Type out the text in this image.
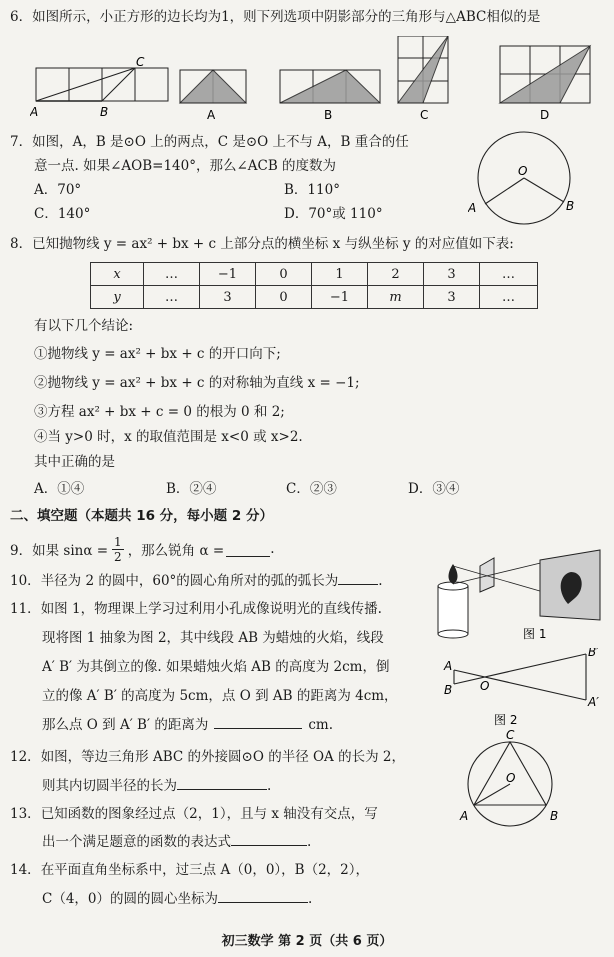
6．如图所示，小正方形的边长均为1，则下列选项中阴影部分的三角形与△ABC相似的是
A	B
C
A	B	C	D
7．如图，A，B 是⊙O 上的两点，C 是⊙O 上不与 A，B 重合的任
意一点. 如果∠AOB=140°，那么∠ACB 的度数为
A．70°	B．110°
C．140°	D．70°或 110°
O
A	B
8．已知抛物线 y = ax² + bx + c 上部分点的横坐标 x 与纵坐标 y 的对应值如下表:
x	…	−1	0	1	2	3	…
y	…	3	0	−1	m	3	…
有以下几个结论:
①抛物线 y = ax² + bx + c 的开口向下;
②抛物线 y = ax² + bx + c 的对称轴为直线 x = −1;
③方程 ax² + bx + c = 0 的根为 0 和 2;
④当 y>0 时，x 的取值范围是 x<0 或 x>2.
其中正确的是
A．①④	B．②④	C．②③	D．③④
二、填空题（本题共 16 分，每小题 2 分）
9． 如果 $\sin\alpha = \frac{1}{2}$ ，那么锐角 α =	.
10．半径为 2 的圆中，60°的圆心角所对的弧的弧长为	.
11．如图 1，物理课上学习过利用小孔成像说明光的直线传播.
现将图 1 抽象为图 2，其中线段 AB 为蜡烛的火焰，线段
A′ B′ 为其倒立的像. 如果蜡烛火焰 AB 的高度为 2cm，倒
立的像 A′ B′ 的高度为 5cm，点 O 到 AB 的距离为 4cm，
那么点 O 到 A′ B′ 的距离为	cm.
图 1
A
B O
B′
A′
图 2
12．如图，等边三角形 ABC 的外接圆⊙O 的半径 OA 的长为 2，
则其内切圆半径的长为	.
C
O
A	B
13．已知函数的图象经过点（2，1），且与 x 轴没有交点，写
出一个满足题意的函数的表达式	.
14．在平面直角坐标系中，过三点 A（0，0），B（2，2），
C（4，0）的圆的圆心坐标为	.
初三数学 第 2 页（共 6 页）
